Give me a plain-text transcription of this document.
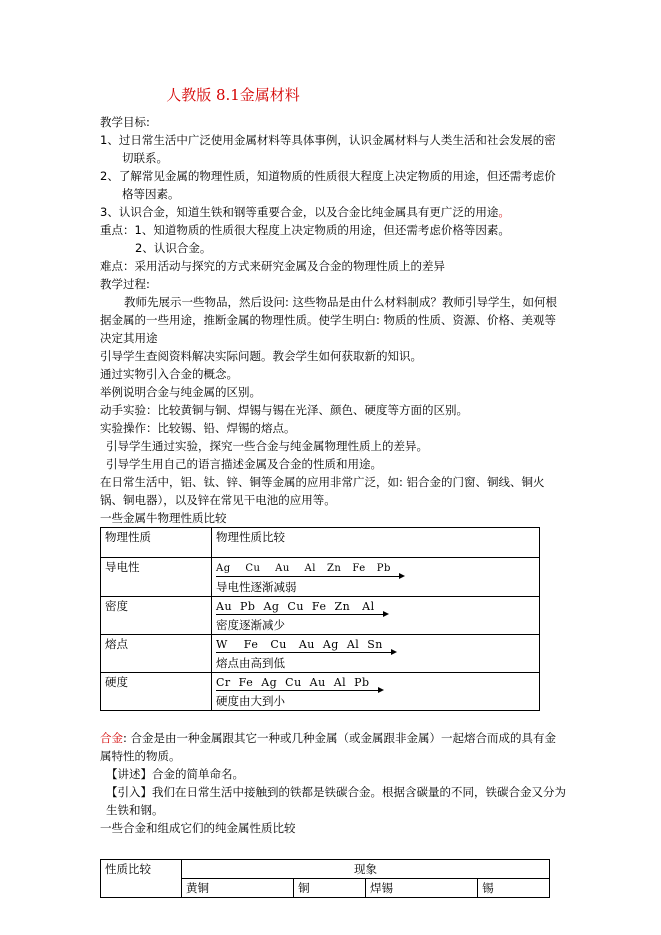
人教版 8.1金属材料

教学目标:

1、过日常生活中广泛使用金属材料等具体事例，认识金属材料与人类生活和社会发展的密切联系。

2、了解常见金属的物理性质，知道物质的性质很大程度上决定物质的用途，但还需考虑价格等因素。

3、认识合金，知道生铁和钢等重要合金，以及合金比纯金属具有更广泛的用途。

重点：1、知道物质的性质很大程度上决定物质的用途，但还需考虑价格等因素。

2、认识合金。

难点：采用活动与探究的方式来研究金属及合金的物理性质上的差异

教学过程:

教师先展示一些物品，然后设问: 这些物品是由什么材料制成？教师引导学生，如何根据金属的一些用途，推断金属的物理性质。使学生明白: 物质的性质、资源、价格、美观等决定其用途

引导学生查阅资料解决实际问题。教会学生如何获取新的知识。

通过实物引入合金的概念。

举例说明合金与纯金属的区别。

动手实验：比较黄铜与铜、焊锡与锡在光泽、颜色、硬度等方面的区别。

实验操作：比较锡、铅、焊锡的熔点。

引导学生通过实验，探究一些合金与纯金属物理性质上的差异。

引导学生用自己的语言描述金属及合金的性质和用途。

在日常生活中，铝、钛、锌、铜等金属的应用非常广泛，如: 铝合金的门窗、铜线、铜火锅、铜电器），以及锌在常见干电池的应用等。

一些金属牛物理性质比较

物理性质	物理性质比较
导电性	Ag    Cu    Au    Al   Zn   Fe   Pb
导电性逐渐减弱

密度	Au  Pb  Ag  Cu  Fe  Zn   Al
密度逐渐减少

熔点	W    Fe   Cu   Au  Ag  Al  Sn
熔点由高到低

硬度	Cr  Fe  Ag  Cu  Au  Al  Pb
硬度由大到小

合金: 合金是由一种金属跟其它一种或几种金属（或金属跟非金属）一起熔合而成的具有金属特性的物质。

【讲述】合金的简单命名。

【引入】我们在日常生活中接触到的铁都是铁碳合金。根据含碳量的不同，铁碳合金又分为生铁和钢。

一些合金和组成它们的纯金属性质比较

性质比较	现象			
	黄铜	铜	焊锡	锡
